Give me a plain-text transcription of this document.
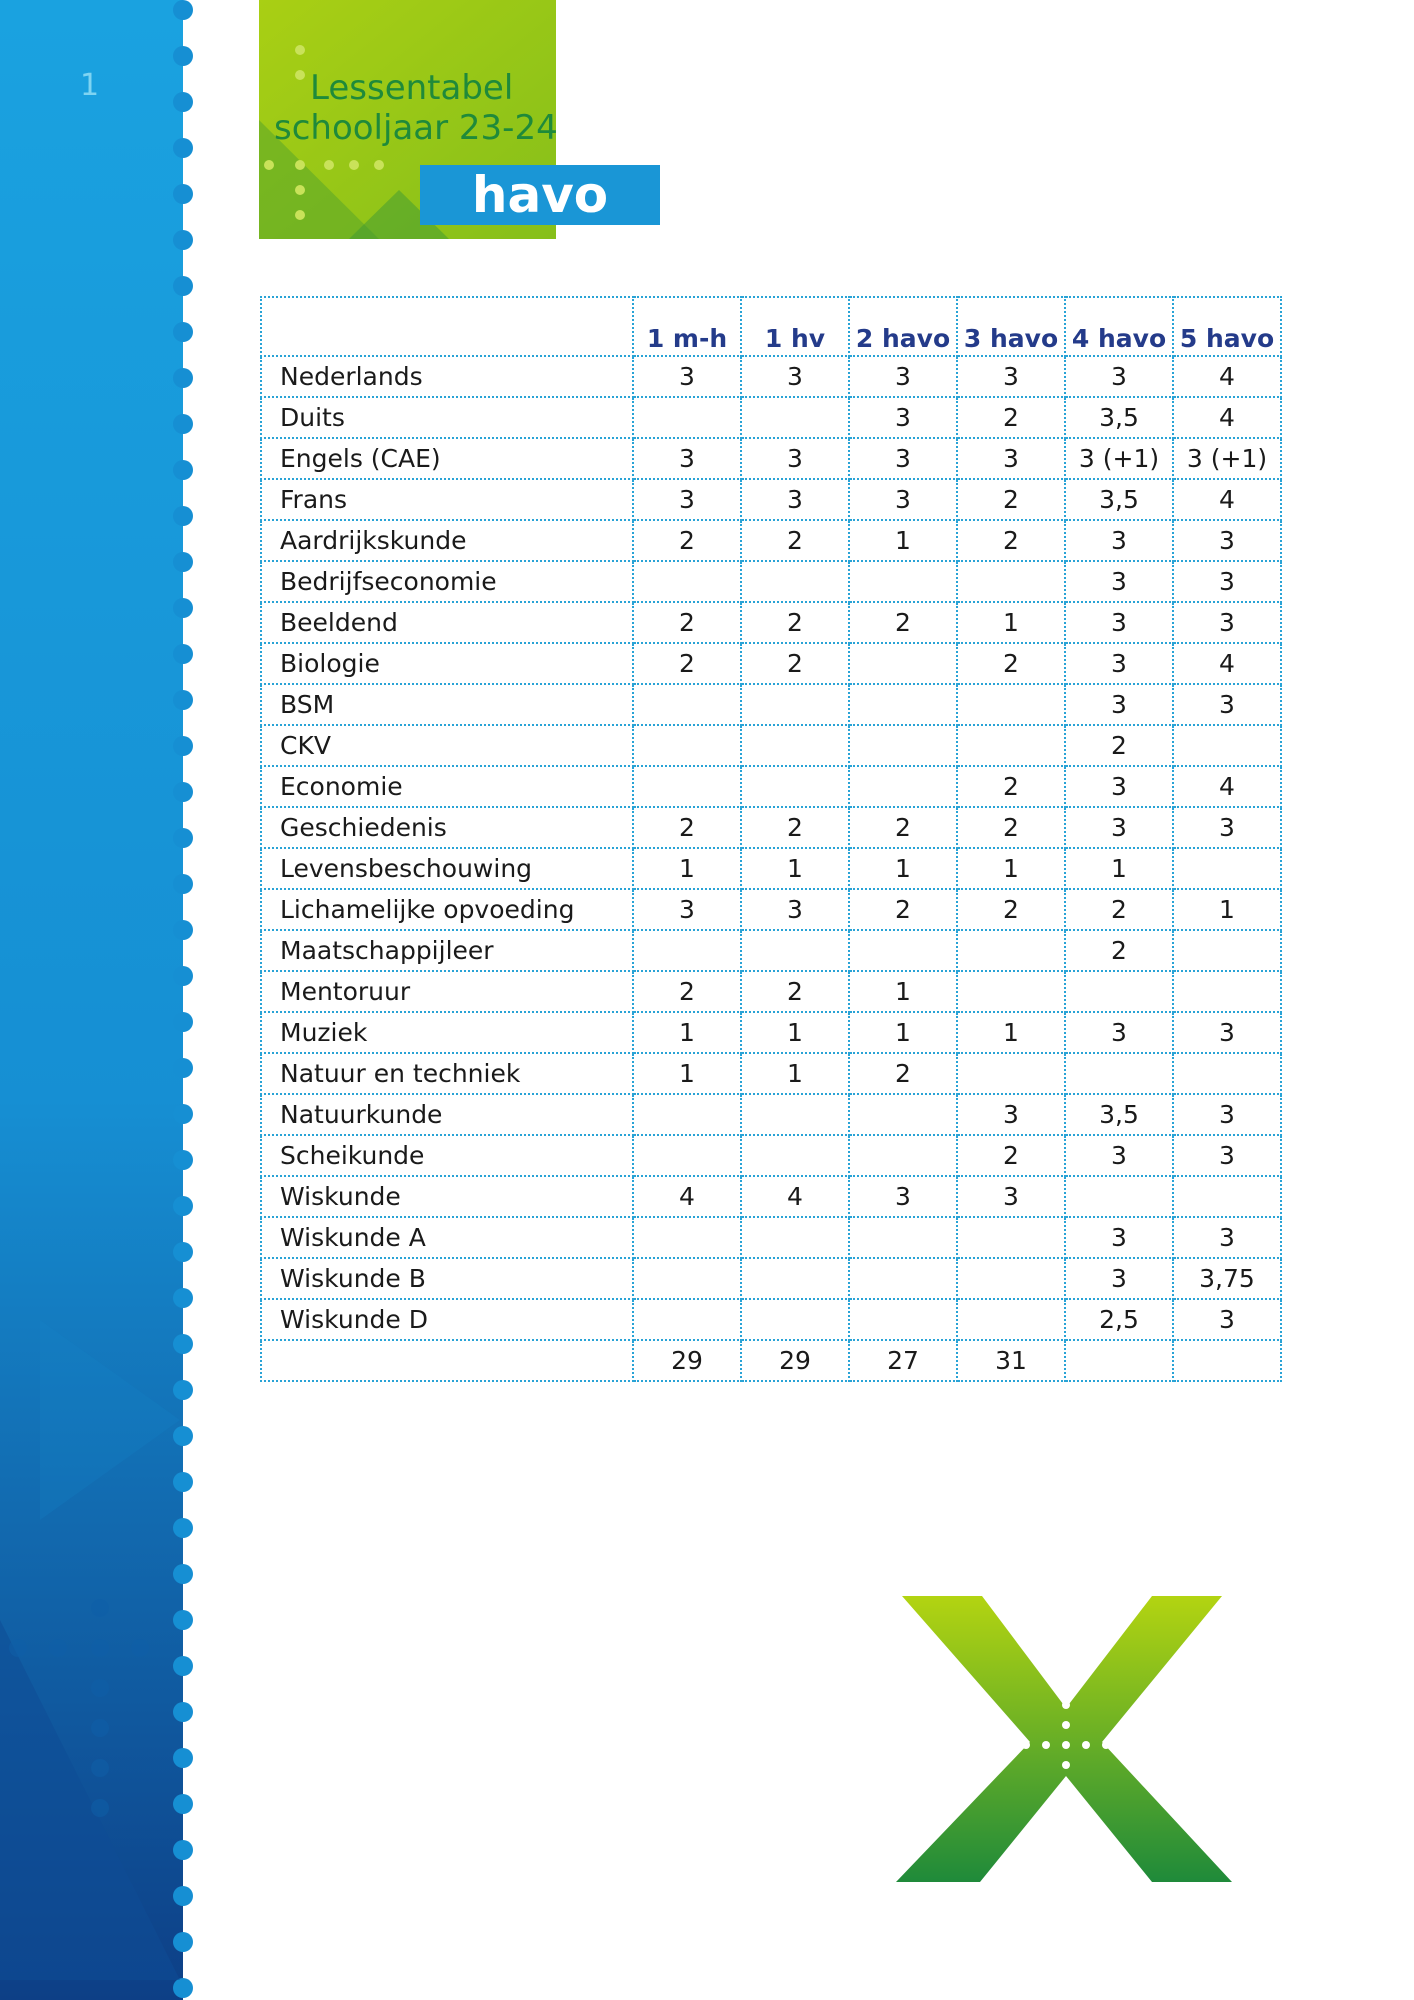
1	Lessentabel
schooljaar 23-24
havo
	1 m-h	1 hv	2 havo	3 havo	4 havo	5 havo
Nederlands	3	3	3	3	3	4
Duits			3	2	3,5	4
Engels (CAE)	3	3	3	3	3 (+1)	3 (+1)
Frans	3	3	3	2	3,5	4
Aardrijkskunde	2	2	1	2	3	3
Bedrijfseconomie					3	3
Beeldend	2	2	2	1	3	3
Biologie	2	2		2	3	4
BSM					3	3
CKV					2	
Economie				2	3	4
Geschiedenis	2	2	2	2	3	3
Levensbeschouwing	1	1	1	1	1	
Lichamelijke opvoeding	3	3	2	2	2	1
Maatschappijleer					2	
Mentoruur	2	2	1			
Muziek	1	1	1	1	3	3
Natuur en techniek	1	1	2			
Natuurkunde				3	3,5	3
Scheikunde				2	3	3
Wiskunde	4	4	3	3		
Wiskunde A					3	3
Wiskunde B					3	3,75
Wiskunde D					2,5	3
	29	29	27	31		
